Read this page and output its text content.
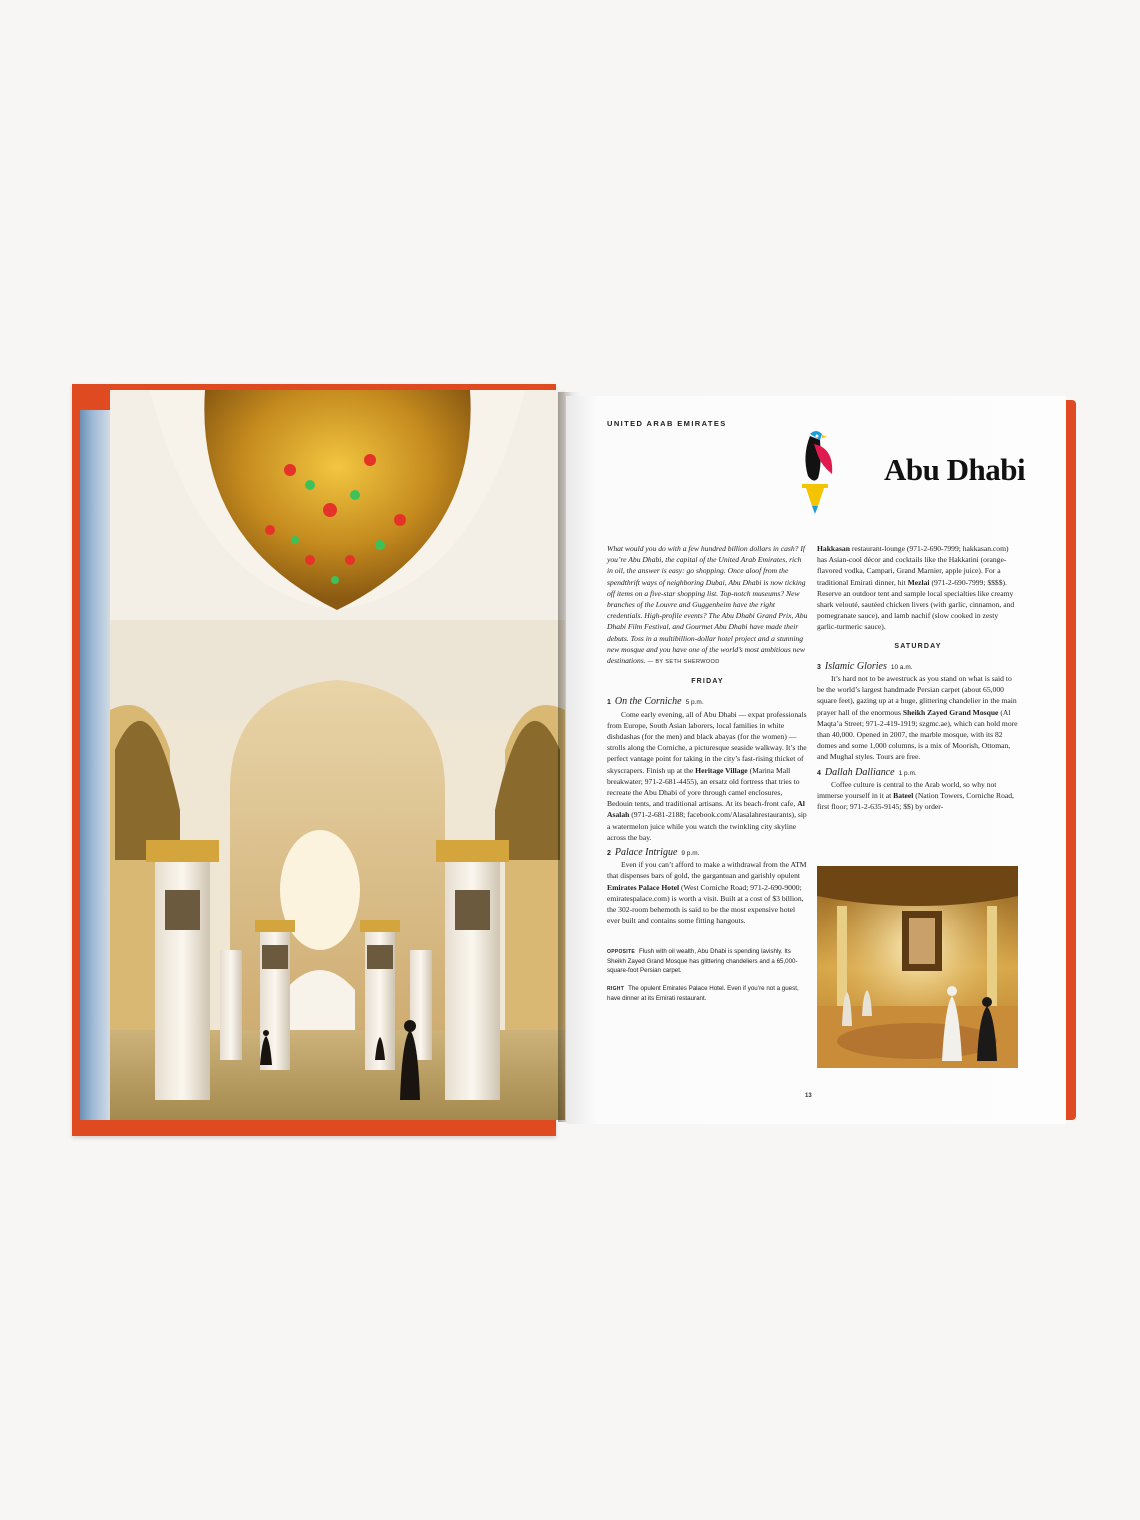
UNITED ARAB EMIRATES
Abu Dhabi

What would you do with a few hundred billion dollars in cash? If you’re Abu Dhabi, the capital of the United Arab Emirates, rich in oil, the answer is easy: go shopping. Once aloof from the spendthrift ways of neighboring Dubai, Abu Dhabi is now ticking off items on a five-star shopping list. Top-notch museums? New branches of the Louvre and Guggenheim have the right credentials. High-profile events? The Abu Dhabi Grand Prix, Abu Dhabi Film Festival, and Gourmet Abu Dhabi have made their debuts. Toss in a multibillion-dollar hotel project and a stunning new mosque and you have one of the world’s most ambitious new destinations. — BY SETH SHERWOOD

FRIDAY

1 On the Corniche 5 p.m.

Come early evening, all of Abu Dhabi — expat professionals from Europe, South Asian laborers, local families in white dishdashas (for the men) and black abayas (for the women) — strolls along the Corniche, a picturesque seaside walkway. It’s the perfect vantage point for taking in the city’s fast-rising thicket of skyscrapers. Finish up at the Heritage Village (Marina Mall breakwater; 971-2-681-4455), an ersatz old fortress that tries to recreate the Abu Dhabi of yore through camel enclosures, Bedouin tents, and traditional artisans. At its beach-front cafe, Al Asalah (971-2-681-2188; facebook.com/Alasalahrestaurants), sip a watermelon juice while you watch the twinkling city skyline across the bay.

2 Palace Intrigue 9 p.m.

Even if you can’t afford to make a withdrawal from the ATM that dispenses bars of gold, the gargantuan and garishly opulent Emirates Palace Hotel (West Corniche Road; 971-2-690-9000; emiratespalace.com) is worth a visit. Built at a cost of $3 billion, the 302-room behemoth is said to be the most expensive hotel ever built and contains some fitting hangouts.

OPPOSITE Flush with oil wealth, Abu Dhabi is spending lavishly. Its Sheikh Zayed Grand Mosque has glittering chandeliers and a 65,000-square-foot Persian carpet.

RIGHT The opulent Emirates Palace Hotel. Even if you’re not a guest, have dinner at its Emirati restaurant.

Hakkasan restaurant-lounge (971-2-690-7999; hakkasan.com) has Asian-cool décor and cocktails like the Hakkatini (orange-flavored vodka, Campari, Grand Marnier, apple juice). For a traditional Emirati dinner, hit Mezlai (971-2-690-7999; $$$$). Reserve an outdoor tent and sample local specialties like creamy shark velouté, sautéed chicken livers (with garlic, cinnamon, and pomegranate sauce), and lamb nachif (slow cooked in zesty garlic-turmeric sauce).

SATURDAY

3 Islamic Glories 10 a.m.

It’s hard not to be awestruck as you stand on what is said to be the world’s largest handmade Persian carpet (about 65,000 square feet), gazing up at a huge, glittering chandelier in the main prayer hall of the enormous Sheikh Zayed Grand Mosque (Al Maqta’a Street; 971-2-419-1919; szgmc.ae), which can hold more than 40,000. Opened in 2007, the marble mosque, with its 82 domes and some 1,000 columns, is a mix of Moorish, Ottoman, and Mughal styles. Tours are free.

4 Dallah Dalliance 1 p.m.

Coffee culture is central to the Arab world, so why not immerse yourself in it at Bateel (Nation Towers, Corniche Road, first floor; 971-2-635-9145; $$) by order-

13
